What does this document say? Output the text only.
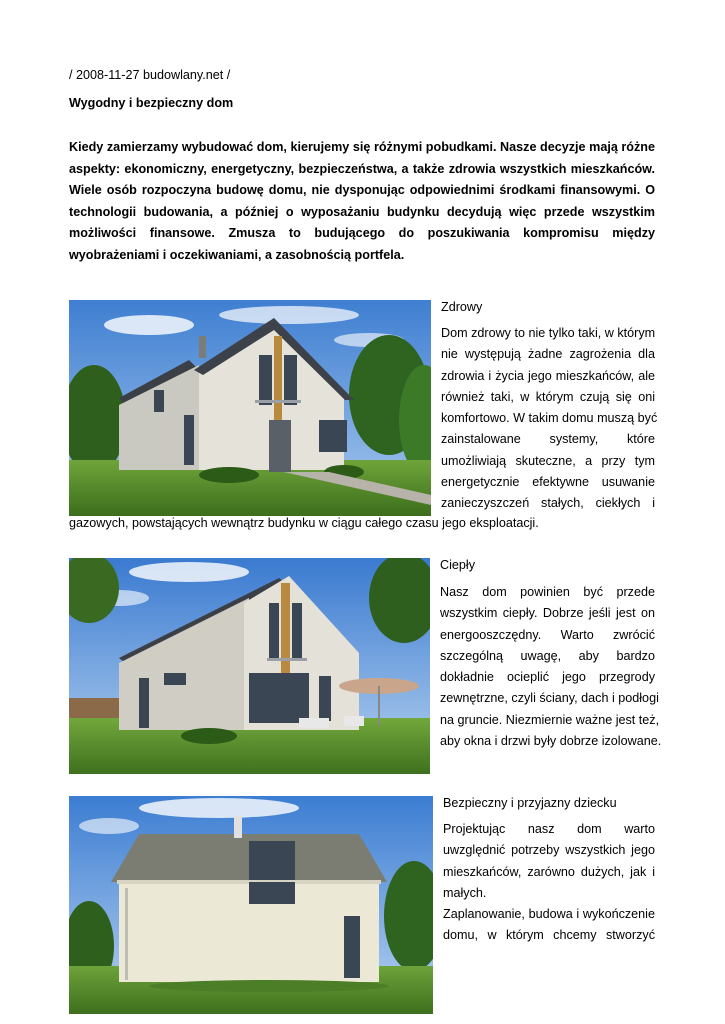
/ 2008-11-27 budowlany.net /
Wygodny i bezpieczny dom
Kiedy zamierzamy wybudować dom, kierujemy się różnymi pobudkami. Nasze decyzje mają różne aspekty: ekonomiczny, energetyczny, bezpieczeństwa, a także zdrowia wszystkich mieszkańców. Wiele osób rozpoczyna budowę domu, nie dysponując odpowiednimi środkami finansowymi. O technologii budowania, a później o wyposażaniu budynku decydują więc przede wszystkim możliwości finansowe. Zmusza to budującego do poszukiwania kompromisu między wyobrażeniami i oczekiwaniami, a zasobnością portfela.
Zdrowy
Dom zdrowy to nie tylko taki, w którym
nie występują żadne zagrożenia dla
zdrowia i życia jego mieszkańców, ale
również taki, w którym czują się oni
komfortowo. W takim domu muszą być
zainstalowane systemy, które
umożliwiają skuteczne, a przy tym
energetycznie efektywne usuwanie
zanieczyszczeń stałych, ciekłych i
gazowych, powstających wewnątrz budynku w ciągu całego czasu jego eksploatacji.
Ciepły
Nasz dom powinien być przede
wszystkim ciepły. Dobrze jeśli jest on
energooszczędny. Warto zwrócić
szczególną uwagę, aby bardzo
dokładnie ocieplić jego przegrody
zewnętrzne, czyli ściany, dach i podłogi
na gruncie. Niezmiernie ważne jest też,
aby okna i drzwi były dobrze izolowane.
Bezpieczny i przyjazny dziecku
Projektując nasz dom warto
uwzględnić potrzeby wszystkich jego
mieszkańców, zarówno dużych, jak i
małych.
Zaplanowanie, budowa i wykończenie
domu, w którym chcemy stworzyć
